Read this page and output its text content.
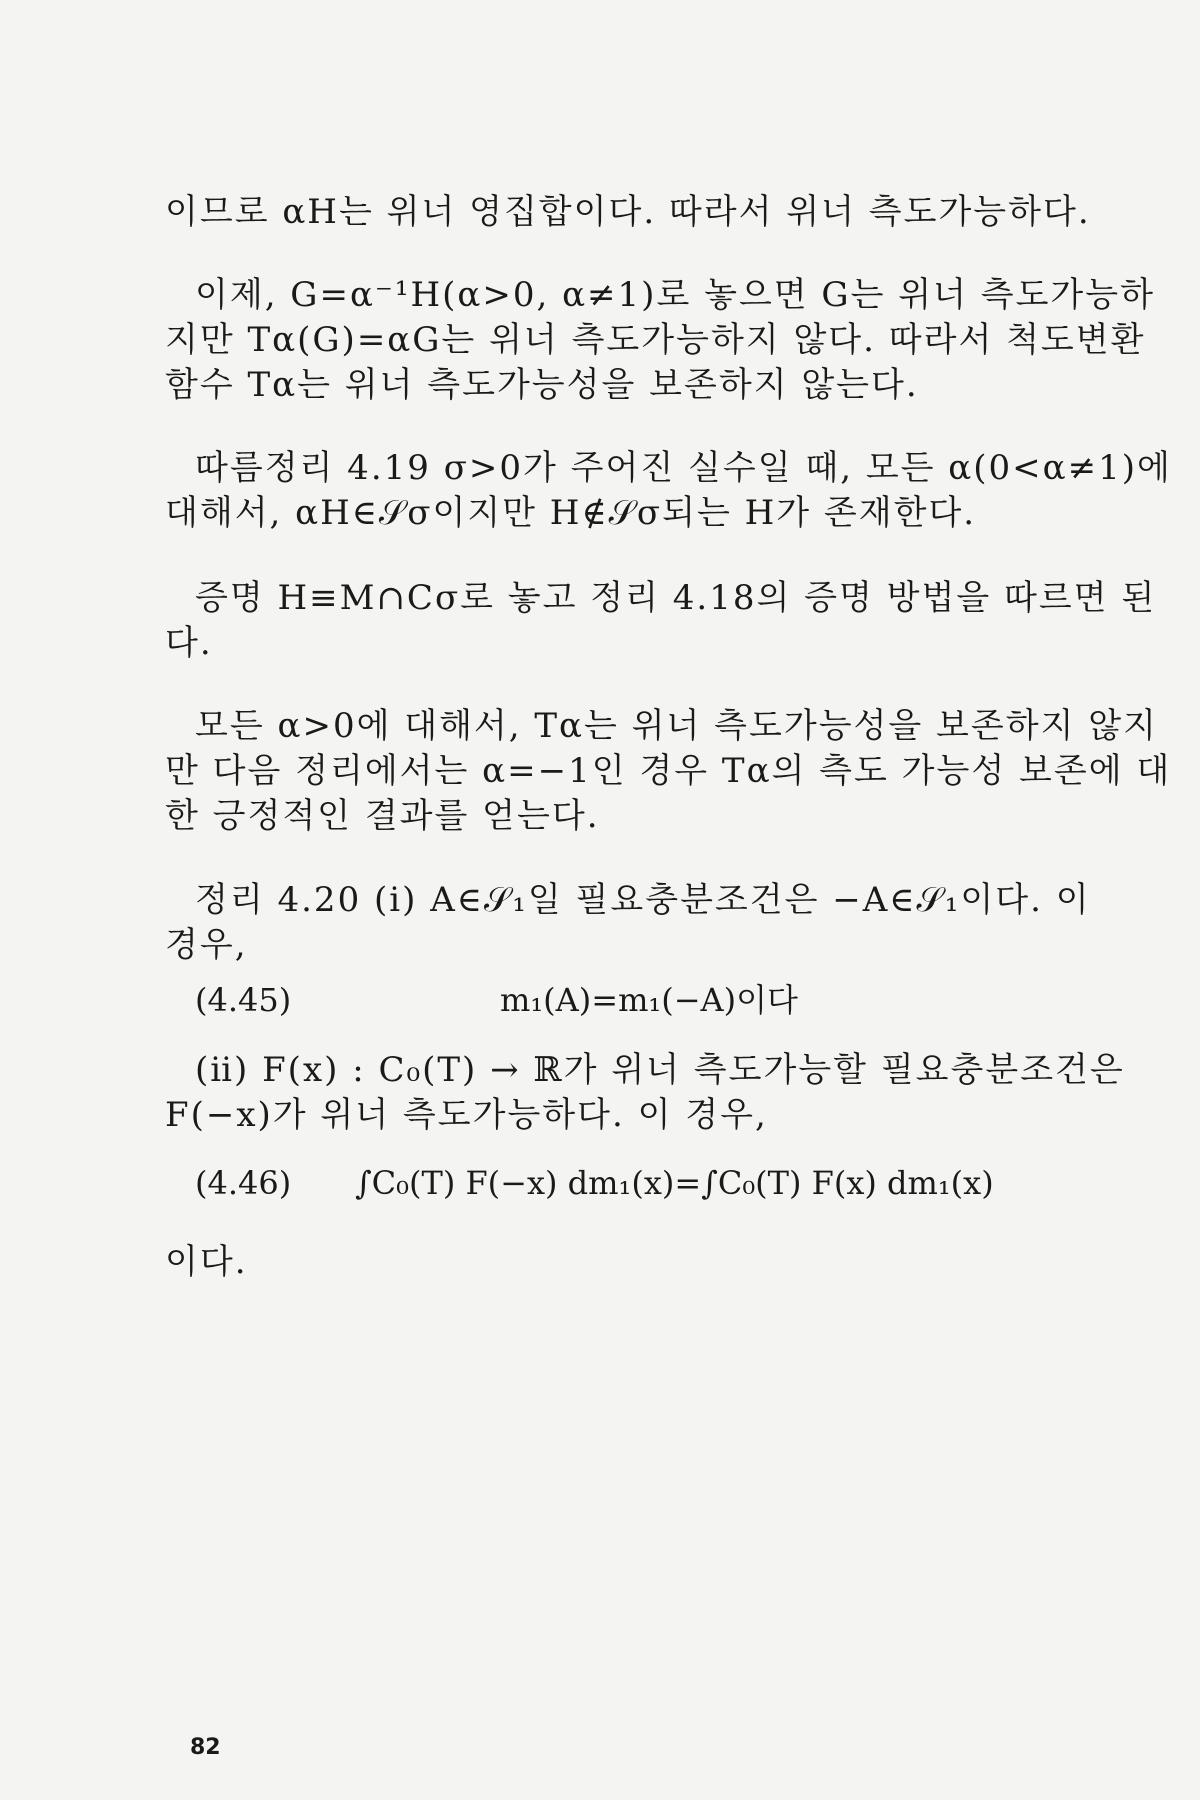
이므로 αH는 위너 영집합이다. 따라서 위너 측도가능하다.
이제, G=α⁻¹H(α>0, α≠1)로 놓으면 G는 위너 측도가능하
지만 Tα(G)=αG는 위너 측도가능하지 않다. 따라서 척도변환
함수 Tα는 위너 측도가능성을 보존하지 않는다.
따름정리 4.19 σ>0가 주어진 실수일 때, 모든 α(0<α≠1)에
대해서, αH∈𝒮σ이지만 H∉𝒮σ되는 H가 존재한다.
증명 H≡M∩Cσ로 놓고 정리 4.18의 증명 방법을 따르면 된
다.
모든 α>0에 대해서, Tα는 위너 측도가능성을 보존하지 않지
만 다음 정리에서는 α=−1인 경우 Tα의 측도 가능성 보존에 대
한 긍정적인 결과를 얻는다.
정리 4.20 (ⅰ) A∈𝒮₁일 필요충분조건은 −A∈𝒮₁이다. 이
경우,
(4.45)	m₁(A)=m₁(−A)이다
(ⅱ) F(x) : C₀(T) → ℝ가 위너 측도가능할 필요충분조건은
F(−x)가 위너 측도가능하다. 이 경우,
(4.46) ∫C₀(T) F(−x) dm₁(x)=∫C₀(T) F(x) dm₁(x)
이다.
82
